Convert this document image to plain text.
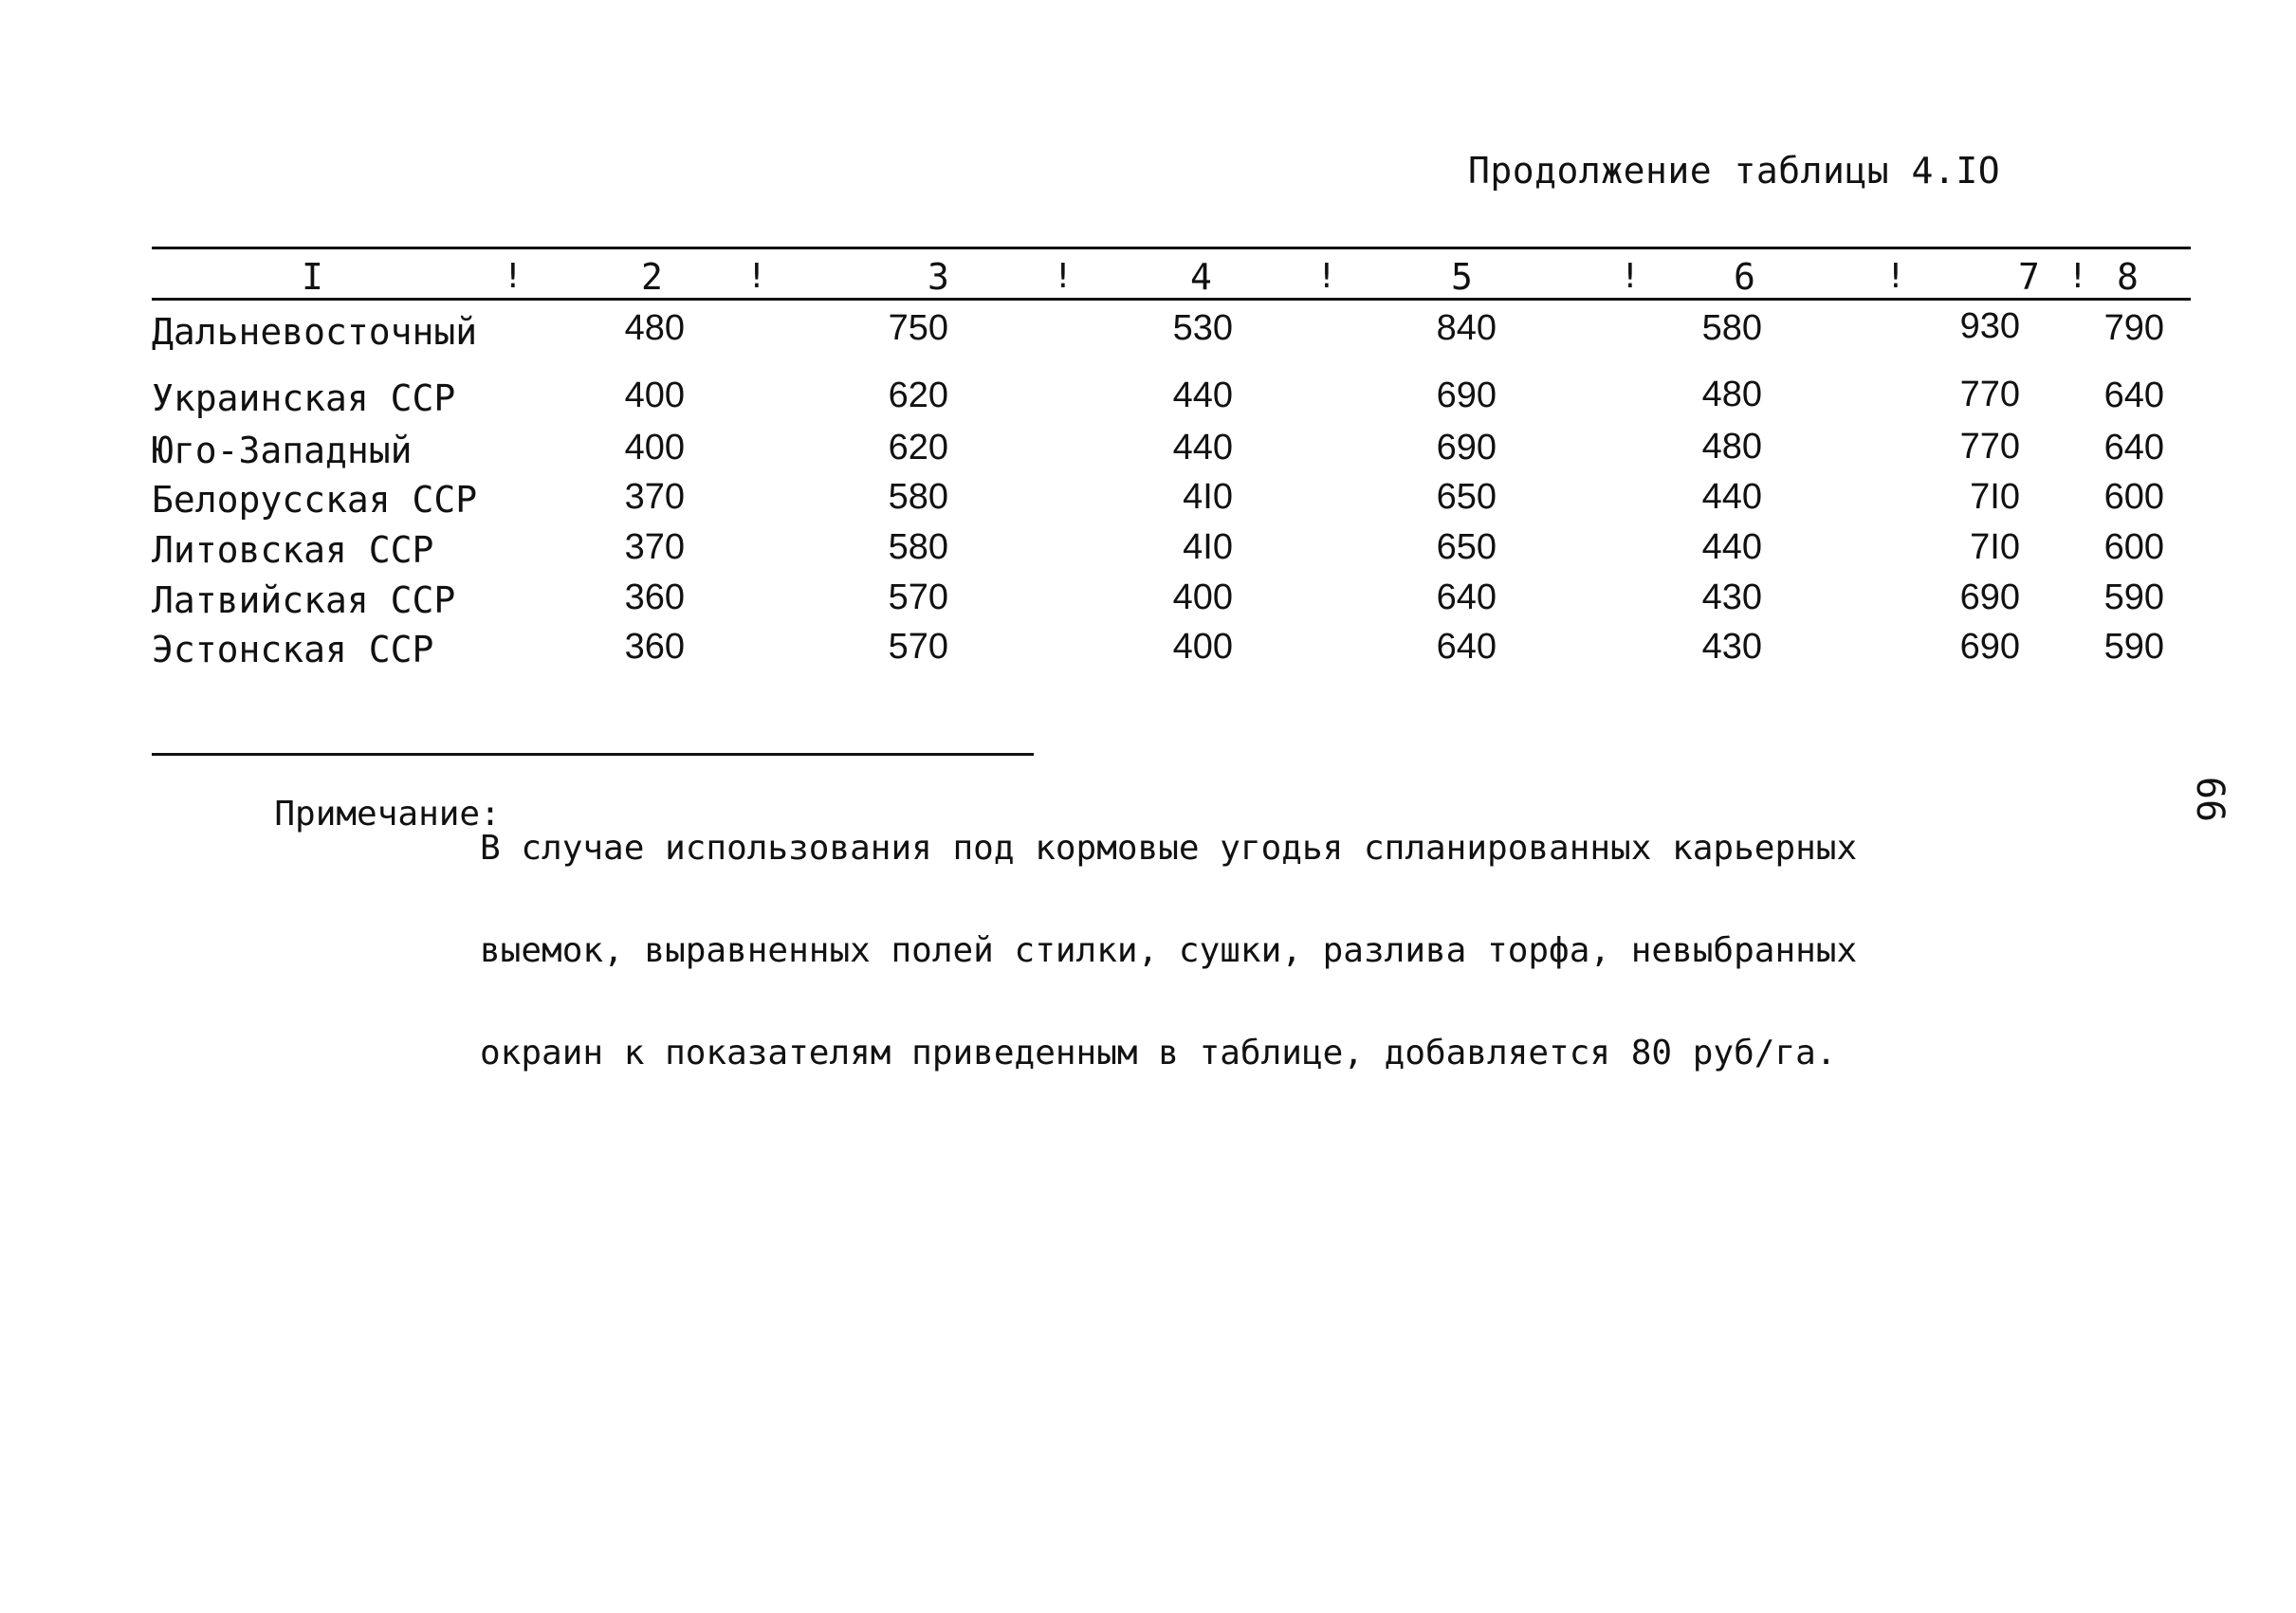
Продолжение таблицы 4.IO
I	!	2 !	3	!	4	!	5	!	6	!	7 ! 8
Дальневосточный	480	750	530	840	580	930	790
Украинская ССР	400	620	440	690	480	770	640
Юго-Западный	400	620	440	690	480	770	640
Белорусская ССР	370	580	4I0	650	440	7I0	600
Литовская ССР	370	580	4I0	650	440	7I0	600
Латвийская ССР	360	570	400	640	430	690	590
Эстонская ССР	360	570	400	640	430	690	590

Примечание:

В случае использования под кормовые угодья спланированных карьерных

выемок, выравненных полей стилки, сушки, разлива торфа, невыбранных

окраин к показателям приведенным в таблице, добавляется 80 руб/га.

66
